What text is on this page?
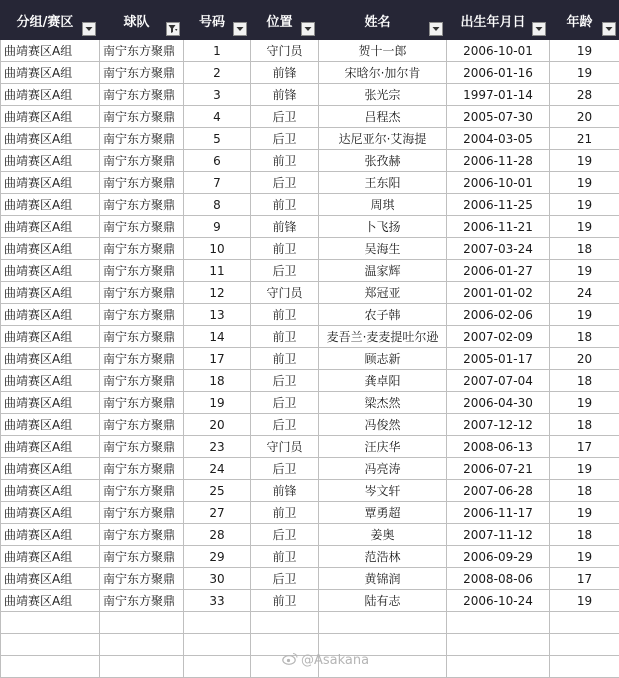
分组/赛区	球队	号码	位置	姓名	出生年月日	年龄

曲靖赛区A组	南宁东方聚鼎	1	守门员	贺十一郎	2006-10-01	19
曲靖赛区A组	南宁东方聚鼎	2	前锋	宋晗尔·加尔肯	2006-01-16	19
曲靖赛区A组	南宁东方聚鼎	3	前锋	张光宗	1997-01-14	28
曲靖赛区A组	南宁东方聚鼎	4	后卫	吕程杰	2005-07-30	20
曲靖赛区A组	南宁东方聚鼎	5	后卫	达尼亚尔·艾海提	2004-03-05	21
曲靖赛区A组	南宁东方聚鼎	6	前卫	张孜赫	2006-11-28	19
曲靖赛区A组	南宁东方聚鼎	7	后卫	王东阳	2006-10-01	19
曲靖赛区A组	南宁东方聚鼎	8	前卫	周琪	2006-11-25	19
曲靖赛区A组	南宁东方聚鼎	9	前锋	卜飞扬	2006-11-21	19
曲靖赛区A组	南宁东方聚鼎	10	前卫	吴海生	2007-03-24	18
曲靖赛区A组	南宁东方聚鼎	11	后卫	温家辉	2006-01-27	19
曲靖赛区A组	南宁东方聚鼎	12	守门员	郑冠亚	2001-01-02	24
曲靖赛区A组	南宁东方聚鼎	13	前卫	农子韩	2006-02-06	19
曲靖赛区A组	南宁东方聚鼎	14	前卫	麦吾兰·麦麦提吐尔逊	2007-02-09	18
曲靖赛区A组	南宁东方聚鼎	17	前卫	顾志新	2005-01-17	20
曲靖赛区A组	南宁东方聚鼎	18	后卫	龚卓阳	2007-07-04	18
曲靖赛区A组	南宁东方聚鼎	19	后卫	梁杰然	2006-04-30	19
曲靖赛区A组	南宁东方聚鼎	20	后卫	冯俊然	2007-12-12	18
曲靖赛区A组	南宁东方聚鼎	23	守门员	汪庆华	2008-06-13	17
曲靖赛区A组	南宁东方聚鼎	24	后卫	冯亮涛	2006-07-21	19
曲靖赛区A组	南宁东方聚鼎	25	前锋	岑文轩	2007-06-28	18
曲靖赛区A组	南宁东方聚鼎	27	前卫	覃勇超	2006-11-17	19
曲靖赛区A组	南宁东方聚鼎	28	后卫	姜奥	2007-11-12	18
曲靖赛区A组	南宁东方聚鼎	29	前卫	范浩林	2006-09-29	19
曲靖赛区A组	南宁东方聚鼎	30	后卫	黄锦润	2008-08-06	17
曲靖赛区A组	南宁东方聚鼎	33	前卫	陆有志	2006-10-24	19

@Asakana
